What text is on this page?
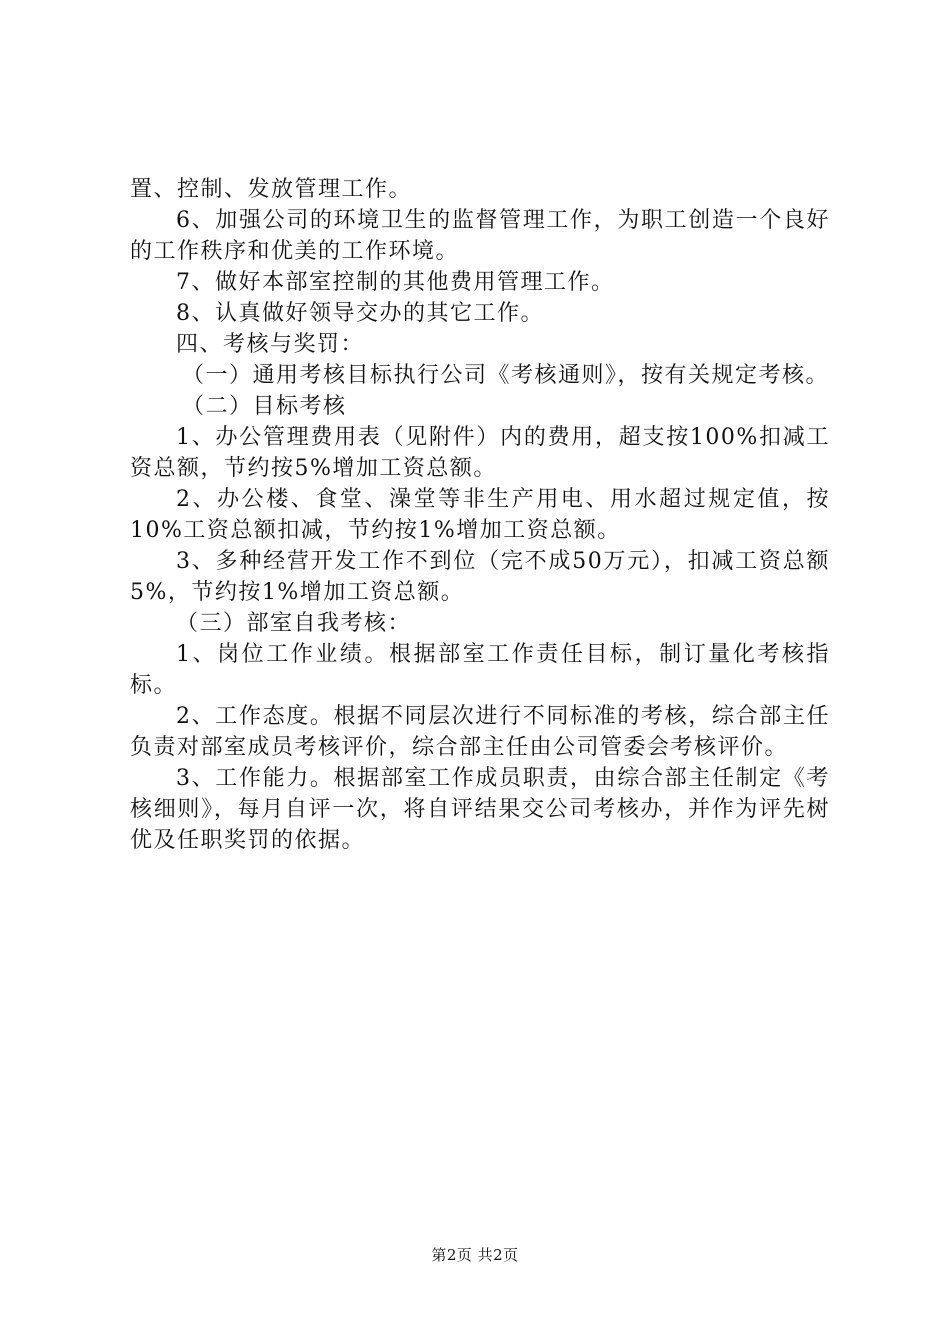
置、控制、发放管理工作。

6、加强公司的环境卫生的监督管理工作，为职工创造一个良好的工作秩序和优美的工作环境。

7、做好本部室控制的其他费用管理工作。

8、认真做好领导交办的其它工作。

四、考核与奖罚：

（一）通用考核目标执行公司《考核通则》，按有关规定考核。

（二）目标考核

1、办公管理费用表（见附件）内的费用，超支按100%扣减工资总额，节约按5%增加工资总额。

2、办公楼、食堂、澡堂等非生产用电、用水超过规定值，按10%工资总额扣减，节约按1%增加工资总额。

3、多种经营开发工作不到位（完不成50万元），扣减工资总额5%，节约按1%增加工资总额。

（三）部室自我考核：

1、岗位工作业绩。根据部室工作责任目标，制订量化考核指标。

2、工作态度。根据不同层次进行不同标准的考核，综合部主任负责对部室成员考核评价，综合部主任由公司管委会考核评价。

3、工作能力。根据部室工作成员职责，由综合部主任制定《考核细则》，每月自评一次，将自评结果交公司考核办，并作为评先树优及任职奖罚的依据。

第2页 共2页
